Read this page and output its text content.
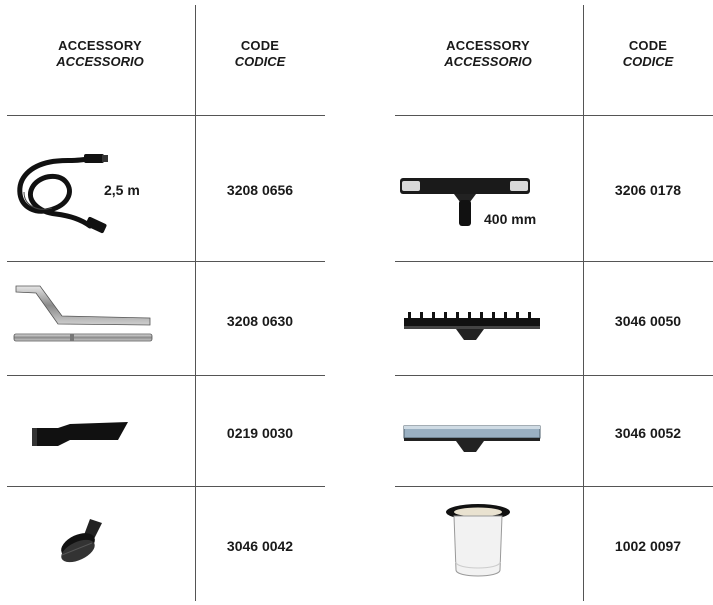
ACCESSORY
ACCESSORIO
CODE
CODICE
ACCESSORY
ACCESSORIO
CODE
CODICE
2,5 m	3208 0656
3208 0630
0219 0030
3046 0042
400 mm
3206 0178
3046 0050
3046 0052
1002 0097
